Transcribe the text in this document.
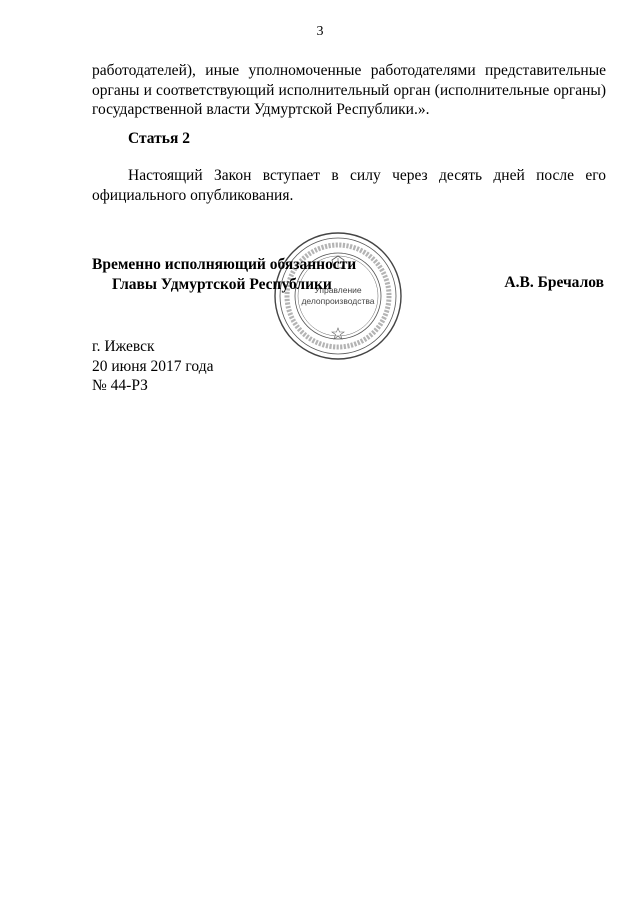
3
работодателей), иные уполномоченные работодателями представительные
органы и соответствующий исполнительный орган (исполнительные органы)
государственной власти Удмуртской Республики.».
Статья 2
Настоящий Закон вступает в силу через десять дней после его
официального опубликования.
Управление
делопроизводства
Временно исполняющий обязанности
Главы Удмуртской Республики	А.В. Бречалов
г. Ижевск
20 июня 2017 года
№ 44-РЗ
